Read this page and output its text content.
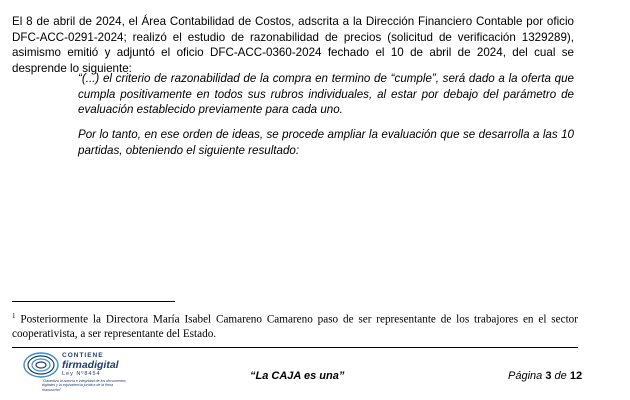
El 8 de abril de 2024, el Área Contabilidad de Costos, adscrita a la Dirección Financiero Contable por oficio DFC-ACC-0291-2024; realizó el estudio de razonabilidad de precios (solicitud de verificación 1329289), asimismo emitió y adjuntó el oficio DFC-ACC-0360-2024 fechado el 10 de abril de 2024, del cual se desprende lo siguiente:
“(...) el criterio de razonabilidad de la compra en termino de “cumple”, será dado a la oferta que cumpla positivamente en todos sus rubros individuales, al estar por debajo del parámetro de evaluación establecido previamente para cada uno.
Por lo tanto, en ese orden de ideas, se procede ampliar la evaluación que se desarrolla a las 10 partidas, obteniendo el siguiente resultado:
$^1$ Posteriormente la Directora María Isabel Camareno Camareno paso de ser representante de los trabajores en el sector cooperativista, a ser representante del Estado.
CONTIENE
firmadigital
Ley Nº8454
"Garantiza la autoría e integridad de los documentos digitales y la equivalencia jurídica de la firma manuscrita"
“La CAJA es una”	Página 3 de 12
